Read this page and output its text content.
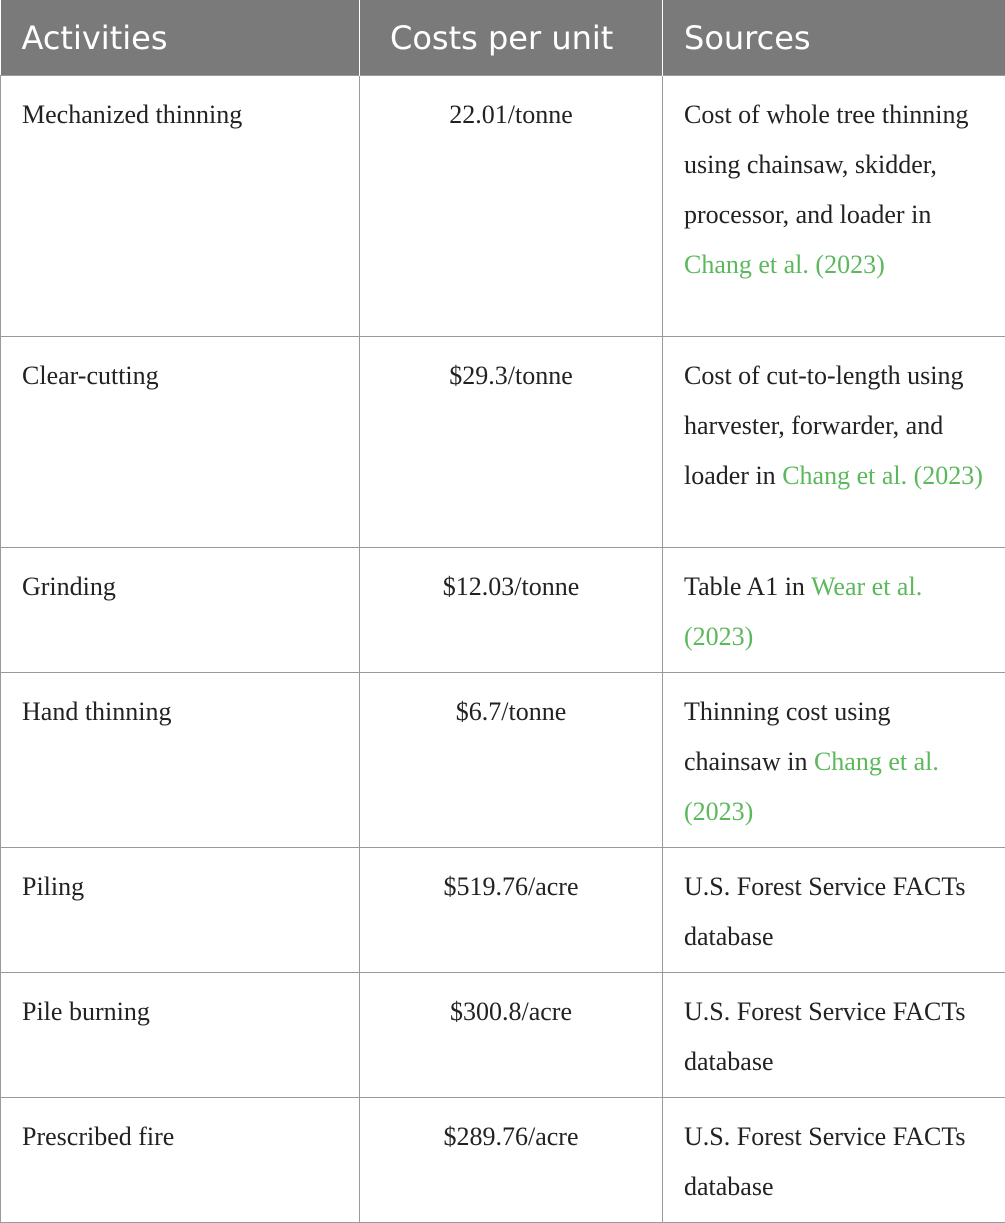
Activities	Costs per unit	Sources
Mechanized thinning	22.01/tonne	Cost of whole tree thinning using chainsaw, skidder, processor, and loader in Chang et al. (2023)
Clear-cutting	$29.3/tonne	Cost of cut-to-length using harvester, forwarder, and loader in Chang et al. (2023)
Grinding	$12.03/tonne	Table A1 in Wear et al. (2023)
Hand thinning	$6.7/tonne	Thinning cost using chainsaw in Chang et al. (2023)
Piling	$519.76/acre	U.S. Forest Service FACTs database
Pile burning	$300.8/acre	U.S. Forest Service FACTs database
Prescribed fire	$289.76/acre	U.S. Forest Service FACTs database
